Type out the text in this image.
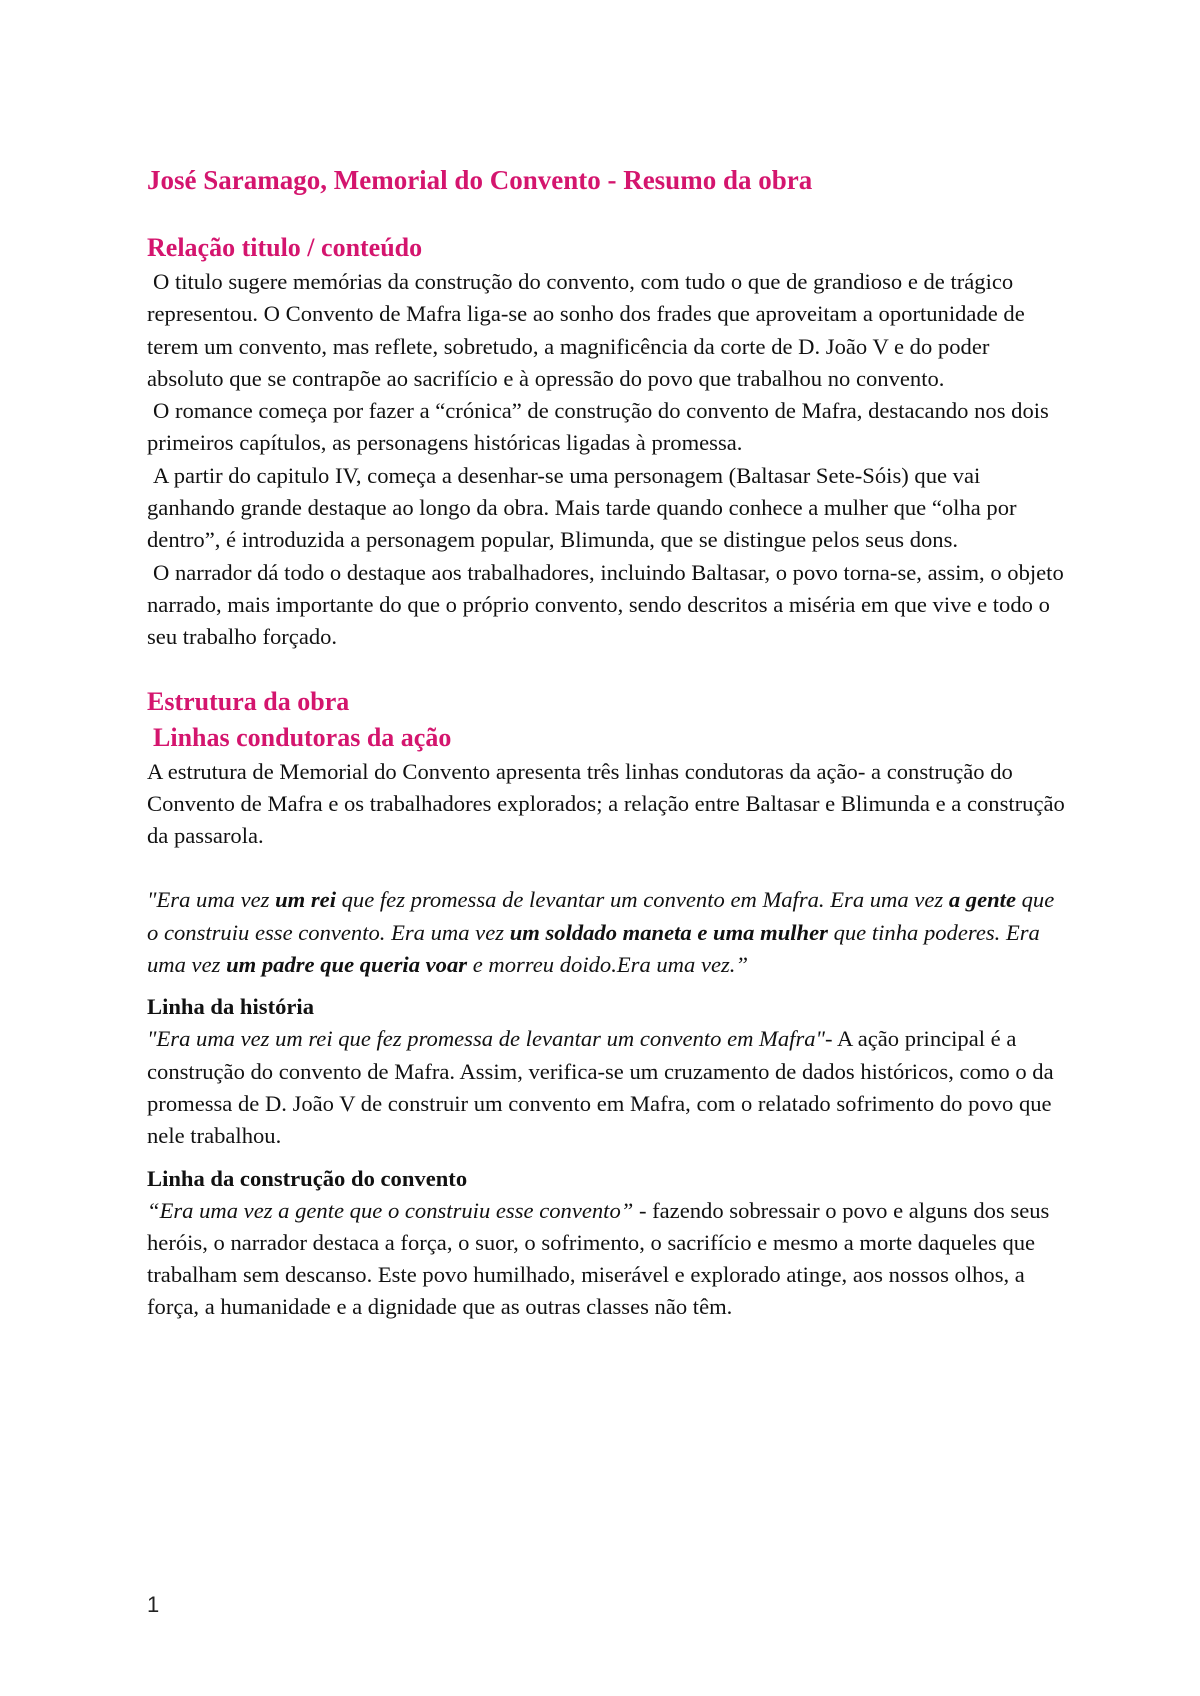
José Saramago, Memorial do Convento - Resumo da obra
Relação titulo / conteúdo

O titulo sugere memórias da construção do convento, com tudo o que de grandioso e de trágico representou. O Convento de Mafra liga-se ao sonho dos frades que aproveitam a oportunidade de terem um convento, mas reflete, sobretudo, a magnificência da corte de D. João V e do poder absoluto que se contrapõe ao sacrifício e à opressão do povo que trabalhou no convento.

O romance começa por fazer a “crónica” de construção do convento de Mafra, destacando nos dois primeiros capítulos, as personagens históricas ligadas à promessa.

A partir do capitulo IV, começa a desenhar-se uma personagem (Baltasar Sete-Sóis) que vai ganhando grande destaque ao longo da obra. Mais tarde quando conhece a mulher que “olha por dentro”, é introduzida a personagem popular, Blimunda, que se distingue pelos seus dons.

O narrador dá todo o destaque aos trabalhadores, incluindo Baltasar, o povo torna-se, assim, o objeto narrado, mais importante do que o próprio convento, sendo descritos a miséria em que vive e todo o seu trabalho forçado.

Estrutura da obra
Linhas condutoras da ação

A estrutura de Memorial do Convento apresenta três linhas condutoras da ação- a construção do Convento de Mafra e os trabalhadores explorados; a relação entre Baltasar e Blimunda e a construção da passarola.

"Era uma vez um rei que fez promessa de levantar um convento em Mafra. Era uma vez a gente que o construiu esse convento. Era uma vez um soldado maneta e uma mulher que tinha poderes. Era uma vez um padre que queria voar e morreu doido.Era uma vez.”

Linha da história

"Era uma vez um rei que fez promessa de levantar um convento em Mafra"- A ação principal é a construção do convento de Mafra. Assim, verifica-se um cruzamento de dados históricos, como o da promessa de D. João V de construir um convento em Mafra, com o relatado sofrimento do povo que nele trabalhou.

Linha da construção do convento

“Era uma vez a gente que o construiu esse convento” - fazendo sobressair o povo e alguns dos seus heróis, o narrador destaca a força, o suor, o sofrimento, o sacrifício e mesmo a morte daqueles que trabalham sem descanso. Este povo humilhado, miserável e explorado atinge, aos nossos olhos, a força, a humanidade e a dignidade que as outras classes não têm.

1
